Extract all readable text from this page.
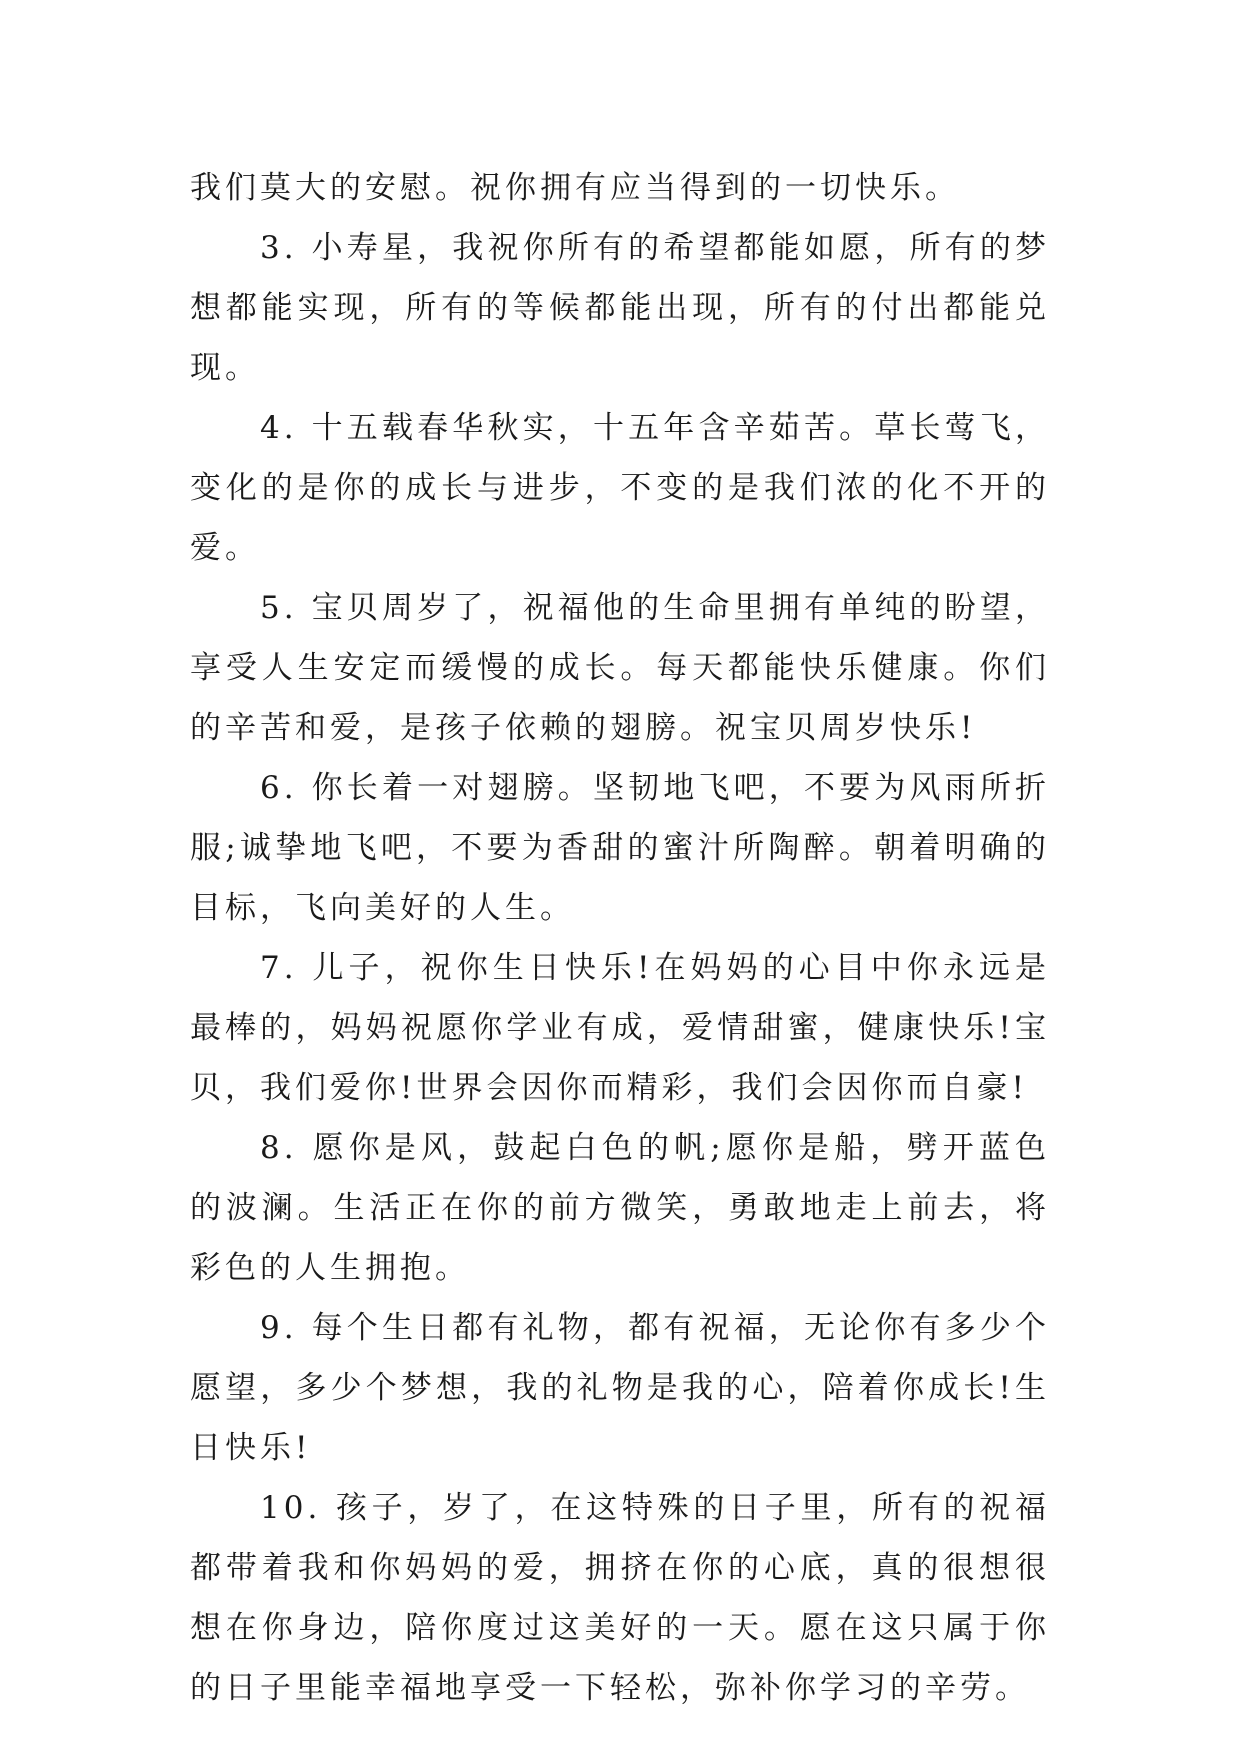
我们莫大的安慰。祝你拥有应当得到的一切快乐。

3. 小寿星，我祝你所有的希望都能如愿，所有的梦想都能实现，所有的等候都能出现，所有的付出都能兑现。

4. 十五载春华秋实，十五年含辛茹苦。草长莺飞，变化的是你的成长与进步，不变的是我们浓的化不开的爱。

5. 宝贝周岁了，祝福他的生命里拥有单纯的盼望，享受人生安定而缓慢的成长。每天都能快乐健康。你们的辛苦和爱，是孩子依赖的翅膀。祝宝贝周岁快乐!

6. 你长着一对翅膀。坚韧地飞吧，不要为风雨所折服;诚挚地飞吧，不要为香甜的蜜汁所陶醉。朝着明确的目标，飞向美好的人生。

7. 儿子，祝你生日快乐!在妈妈的心目中你永远是最棒的，妈妈祝愿你学业有成，爱情甜蜜，健康快乐!宝贝，我们爱你!世界会因你而精彩，我们会因你而自豪!

8. 愿你是风，鼓起白色的帆;愿你是船，劈开蓝色的波澜。生活正在你的前方微笑，勇敢地走上前去，将彩色的人生拥抱。

9. 每个生日都有礼物，都有祝福，无论你有多少个愿望，多少个梦想，我的礼物是我的心，陪着你成长!生日快乐!

10. 孩子，岁了，在这特殊的日子里，所有的祝福都带着我和你妈妈的爱，拥挤在你的心底，真的很想很想在你身边，陪你度过这美好的一天。愿在这只属于你的日子里能幸福地享受一下轻松，弥补你学习的辛劳。
